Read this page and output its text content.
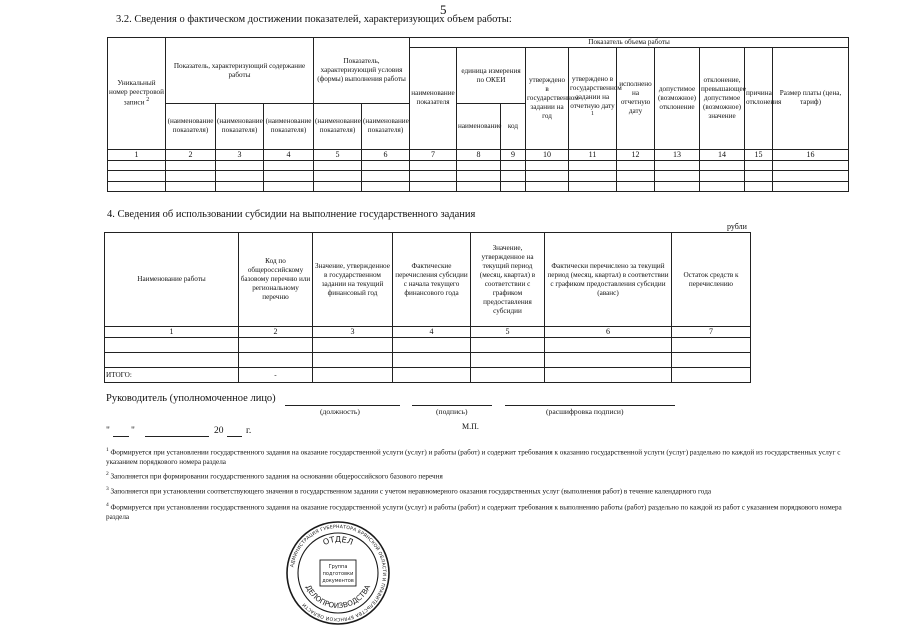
5
3.2. Сведения о фактическом достижении показателей, характеризующих объем работы:
Уникальный номер реестровой записи $^2$	Показатель, характеризующий содержание работы			Показатель, характеризующий условия (формы) выполнения работы		Показатель объема работы									
						наименование показателя	единица измерения по ОКЕИ		утверждено в государственном задании на год	утверждено в государственном задании на отчетную дату $^1$	исполнено на отчетную дату	допустимое (возможное) отклонение	отклонение, превышающее допустимое (возможное) значение	причина отклонения	Размер платы (цена, тариф)
	(наименование показателя)	(наименование показателя)	(наименование показателя)	(наименование показателя)	(наименование показателя)		наименование	код							
1	2	3	4	5	6	7	8	9	10	11	12	13	14	15	16

4. Сведения об использовании субсидии на выполнение государственного задания
рубли
Наименование работы	Код по общероссийскому базовому перечню или региональному перечню	Значение, утвержденное в государственном задании на текущий финансовый год	Фактические перечисления субсидии с начала текущего финансового года	Значение, утвержденное на текущий период (месяц, квартал) в соответствии с графиком предоставления субсидии	Фактически перечислено за текущий период (месяц, квартал) в соответствии с графиком предоставления субсидии (аванс)	Остаток средств к перечислению
1	2	3	4	5	6	7

ИТОГО:	-					
Руководитель (уполномоченное лицо)
(должность)	(подпись)	(расшифровка подписи)
М.П.
" "	20 г.
$^1$ Формируется при установлении государственного задания на оказание государственной услуги (услуг) и работы (работ) и содержит требования к оказанию государственной услуги (услуг) раздельно по каждой из государственных услуг с указанием порядкового номера раздела
$^2$ Заполняется при формировании государственного задания на основании общероссийского базового перечня
$^3$ Заполняется при установлении соответствующего значения в государственном задании с учетом неравномерного оказания государственных услуг (выполнения работ) в течение календарного года
$^4$ Формируется при установлении государственного задания на оказание государственной услуги (услуг) и работы (работ) и содержит требования к выполнению работы (работ) раздельно по каждой из работ с указанием порядкового номера раздела
АДМИНИСТРАЦИЯ ГУБЕРНАТОРА БРЯНСКОЙ ОБЛАСТИ И ПРАВИТЕЛЬСТВА БРЯНСКОЙ ОБЛАСТИ
ОТДЕЛ
ДЕЛОПРОИЗВОДСТВА
Группа
подготовки
документов
